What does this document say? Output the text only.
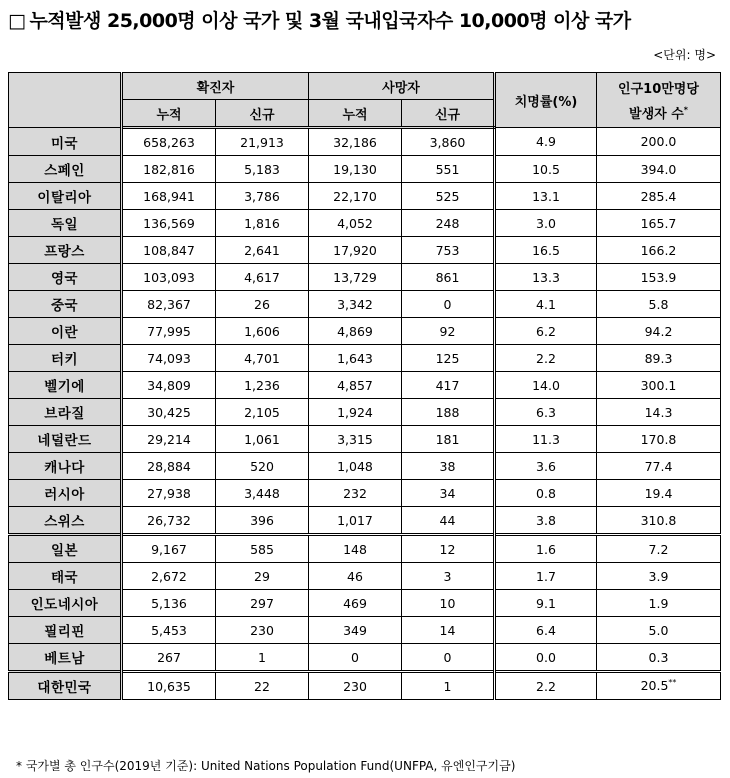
□ 누적발생 25,000명 이상 국가 및 3월 국내입국자수 10,000명 이상 국가
<단위: 명>
	확진자		사망자		치명률(%)	인구10만명당
발생자 수*

	누적	신규	누적	신규		
미국	658,263	21,913	32,186	3,860	4.9	200.0
스페인	182,816	5,183	19,130	551	10.5	394.0
이탈리아	168,941	3,786	22,170	525	13.1	285.4
독일	136,569	1,816	4,052	248	3.0	165.7
프랑스	108,847	2,641	17,920	753	16.5	166.2
영국	103,093	4,617	13,729	861	13.3	153.9
중국	82,367	26	3,342	0	4.1	5.8
이란	77,995	1,606	4,869	92	6.2	94.2
터키	74,093	4,701	1,643	125	2.2	89.3
벨기에	34,809	1,236	4,857	417	14.0	300.1
브라질	30,425	2,105	1,924	188	6.3	14.3
네덜란드	29,214	1,061	3,315	181	11.3	170.8
캐나다	28,884	520	1,048	38	3.6	77.4
러시아	27,938	3,448	232	34	0.8	19.4
스위스	26,732	396	1,017	44	3.8	310.8
일본	9,167	585	148	12	1.6	7.2
태국	2,672	29	46	3	1.7	3.9
인도네시아	5,136	297	469	10	9.1	1.9
필리핀	5,453	230	349	14	6.4	5.0
베트남	267	1	0	0	0.0	0.3
대한민국	10,635	22	230	1	2.2	20.5**
* 국가별 총 인구수(2019년 기준): United Nations Population Fund(UNFPA, 유엔인구기금)
